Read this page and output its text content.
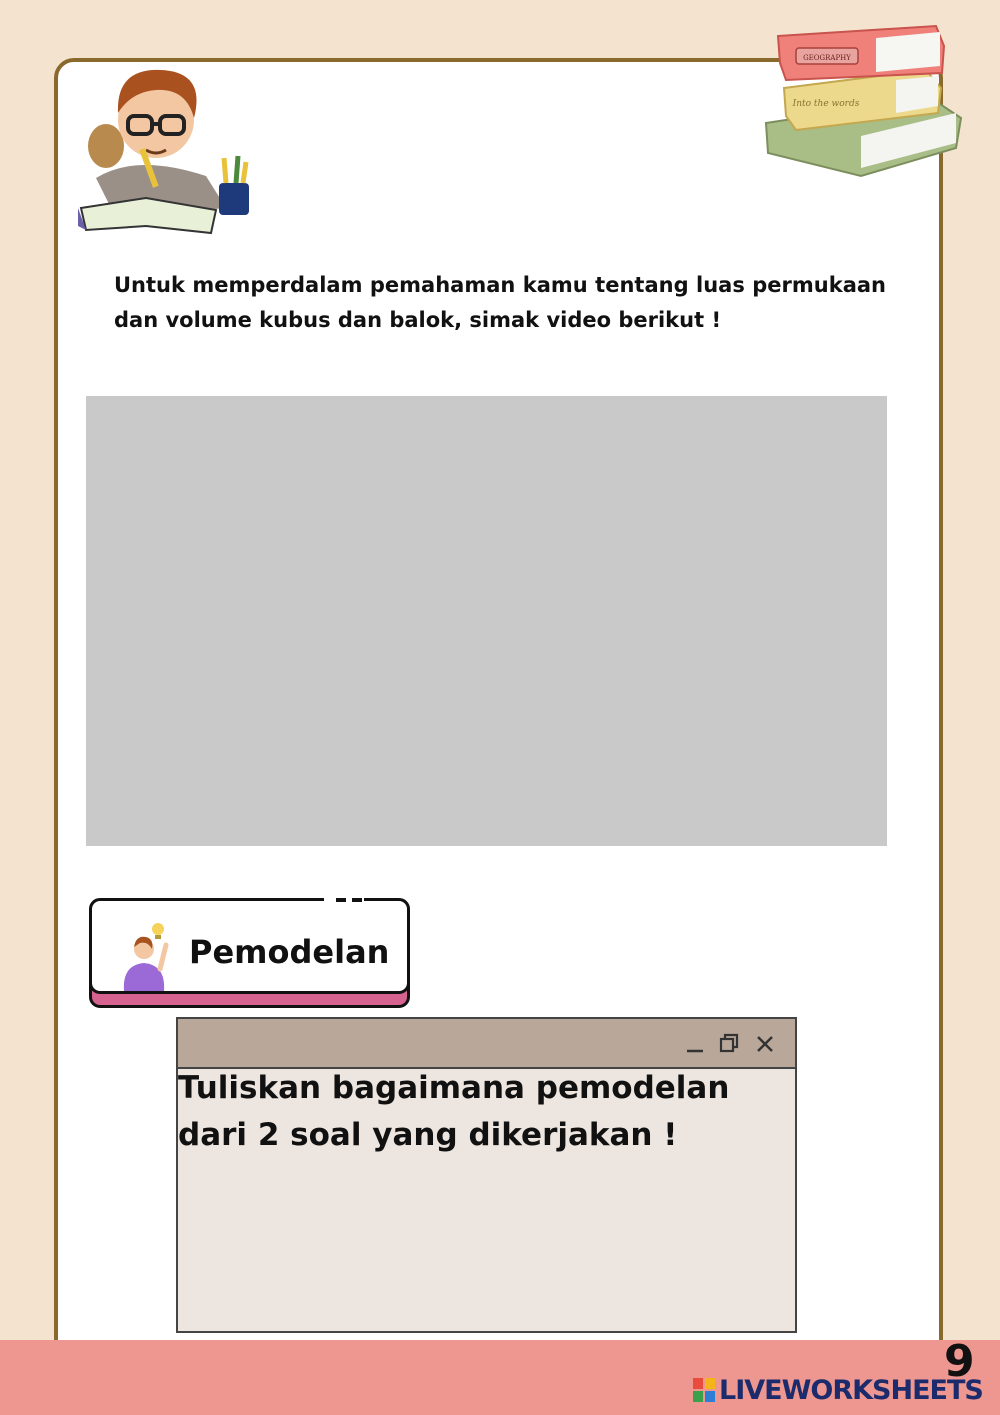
GEOGRAPHY
Into the words

Untuk memperdalam pemahaman kamu tentang luas permukaan dan volume kubus dan balok, simak video berikut !

Pemodelan

Tuliskan bagaimana pemodelan dari 2 soal yang dikerjakan !

9
LIVEWORKSHEETS
